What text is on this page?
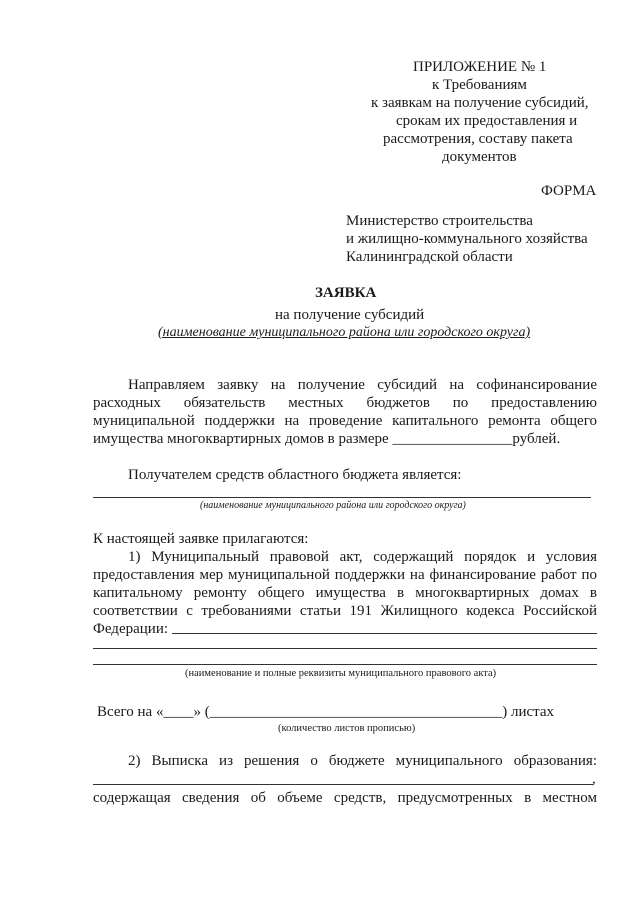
ПРИЛОЖЕНИЕ № 1
к Требованиям
к заявкам на получение субсидий,
срокам их предоставления и
рассмотрения, составу пакета
документов
ФОРМА
Министерство строительства
и жилищно-коммунального хозяйства
Калининградской области
ЗАЯВКА
на получение субсидий
(наименование муниципального района или городского округа)
Направляем заявку на получение субсидий на софинансирование
расходных обязательств местных бюджетов по предоставлению
муниципальной поддержки на проведение капитального ремонта общего
имущества многоквартирных домов в размере ________________рублей.
Получателем средств областного бюджета является:
(наименование муниципального района или городского округа)
К настоящей заявке прилагаются:
1) Муниципальный правовой акт, содержащий порядок и условия
предоставления мер муниципальной поддержки на финансирование работ по
капитальному ремонту общего имущества в многоквартирных домах в
соответствии с требованиями статьи 191 Жилищного кодекса Российской
Федерации:
(наименование и полные реквизиты муниципального правового акта)
Всего на «____» (_______________________________________) листах
(количество листов прописью)
2) Выписка из решения о бюджете муниципального образования:
,
содержащая сведения об объеме средств, предусмотренных в местном
